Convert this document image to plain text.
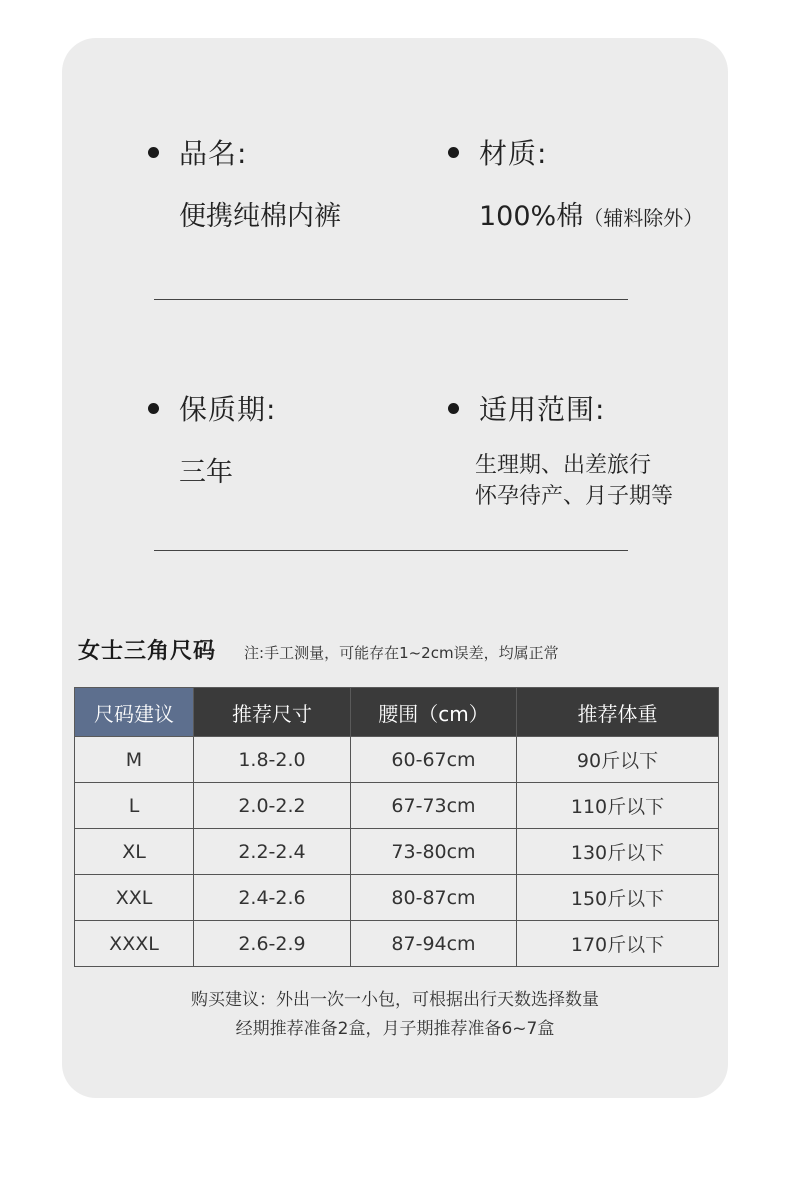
品名:
便携纯棉内裤
材质:
100%棉（辅料除外）
保质期:
三年
适用范围:
生理期、出差旅行
怀孕待产、月子期等
女士三角尺码 注:手工测量，可能存在1~2cm误差，均属正常
尺码建议	推荐尺寸	腰围（cm）	推荐体重
M	1.8-2.0	60-67cm	90斤以下
L	2.0-2.2	67-73cm	110斤以下
XL	2.2-2.4	73-80cm	130斤以下
XXL	2.4-2.6	80-87cm	150斤以下
XXXL	2.6-2.9	87-94cm	170斤以下
购买建议：外出一次一小包，可根据出行天数选择数量
经期推荐准备2盒，月子期推荐准备6~7盒
